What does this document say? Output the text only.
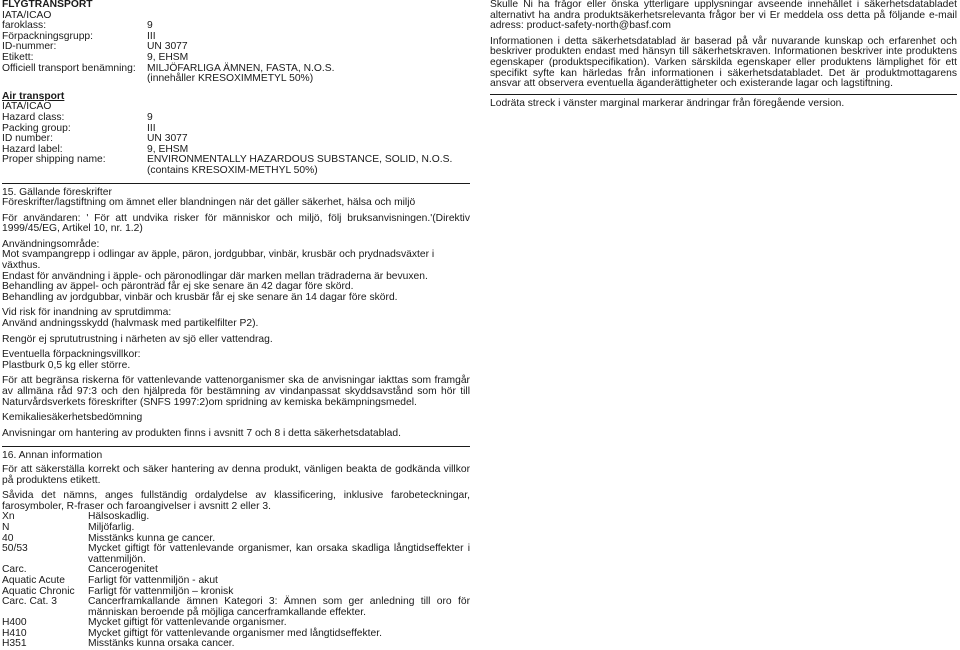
FLYGTRANSPORT
IATA/ICAO
faroklass:	9
Förpackningsgrupp:	III
ID-nummer:	UN 3077
Etikett:	9, EHSM
Officiell transport benämning:	MILJÖFARLIGA ÄMNEN, FASTA, N.O.S.
(innehåller KRESOXIMMETYL 50%)
Air transport
IATA/ICAO
Hazard class:	9
Packing group:	III
ID number:	UN 3077
Hazard label:	9, EHSM
Proper shipping name:	ENVIRONMENTALLY HAZARDOUS SUBSTANCE, SOLID, N.O.S.
(contains KRESOXIM-METHYL 50%)
15. Gällande föreskrifter

Föreskrifter/lagstiftning om ämnet eller blandningen när det gäller säkerhet, hälsa och miljö

För användaren: ' För att undvika risker för människor och miljö, följ bruksanvisningen.'(Direktiv 1999/45/EG, Artikel 10, nr. 1.2)

Användningsområde:
Mot svampangrepp i odlingar av äpple, päron, jordgubbar, vinbär, krusbär och prydnadsväxter i växthus.
Endast för användning i äpple- och päronodlingar där marken mellan trädraderna är bevuxen.
Behandling av äppel- och päronträd får ej ske senare än 42 dagar före skörd.
Behandling av jordgubbar, vinbär och krusbär får ej ske senare än 14 dagar före skörd.

Vid risk för inandning av sprutdimma:
Använd andningsskydd (halvmask med partikelfilter P2).

Rengör ej sprututrustning i närheten av sjö eller vattendrag.

Eventuella förpackningsvillkor:
Plastburk 0,5 kg eller större.

För att begränsa riskerna för vattenlevande vattenorganismer ska de anvisningar iakttas som framgår av allmäna råd 97:3 och den hjälpreda för bestämning av vindanpassat skyddsavstånd som hör till Naturvårdsverkets föreskrifter (SNFS 1997:2)om spridning av kemiska bekämpningsmedel.

Kemikaliesäkerhetsbedömning

Anvisningar om hantering av produkten finns i avsnitt 7 och 8 i detta säkerhetsdatablad.

16. Annan information

För att säkerställa korrekt och säker hantering av denna produkt, vänligen beakta de godkända villkor på produktens etikett.

Såvida det nämns, anges fullständig ordalydelse av klassificering, inklusive farobeteckningar, farosymboler, R-fraser och faroangivelser i avsnitt 2 eller 3.

Xn	Hälsoskadlig.
N	Miljöfarlig.
40	Misstänks kunna ge cancer.
50/53	Mycket giftigt för vattenlevande organismer, kan orsaka skadliga långtidseffekter i vattenmiljön.
Carc.	Cancerogenitet
Aquatic Acute	Farligt för vattenmiljön - akut
Aquatic Chronic	Farligt för vattenmiljön – kronisk
Carc. Cat. 3	Cancerframkallande ämnen Kategori 3: Ämnen som ger anledning till oro för människan beroende på möjliga cancerframkallande effekter.
H400	Mycket giftigt för vattenlevande organismer.
H410	Mycket giftigt för vattenlevande organismer med långtidseffekter.
H351	Misstänks kunna orsaka cancer.

Skulle Ni ha frågor eller önska ytterligare upplysningar avseende innehållet i säkerhetsdatabladet alternativt ha andra produktsäkerhetsrelevanta frågor ber vi Er meddela oss detta på följande e-mail adress: product-safety-north@basf.com

Informationen i detta säkerhetsdatablad är baserad på vår nuvarande kunskap och erfarenhet och beskriver produkten endast med hänsyn till säkerhetskraven. Informationen beskriver inte produktens egenskaper (produktspecifikation). Varken särskilda egenskaper eller produktens lämplighet för ett specifikt syfte kan härledas från informationen i säkerhetsdatabladet. Det är produktmottagarens ansvar att observera eventuella äganderättigheter och existerande lagar och lagstiftning.

Lodräta streck i vänster marginal markerar ändringar från föregående version.
